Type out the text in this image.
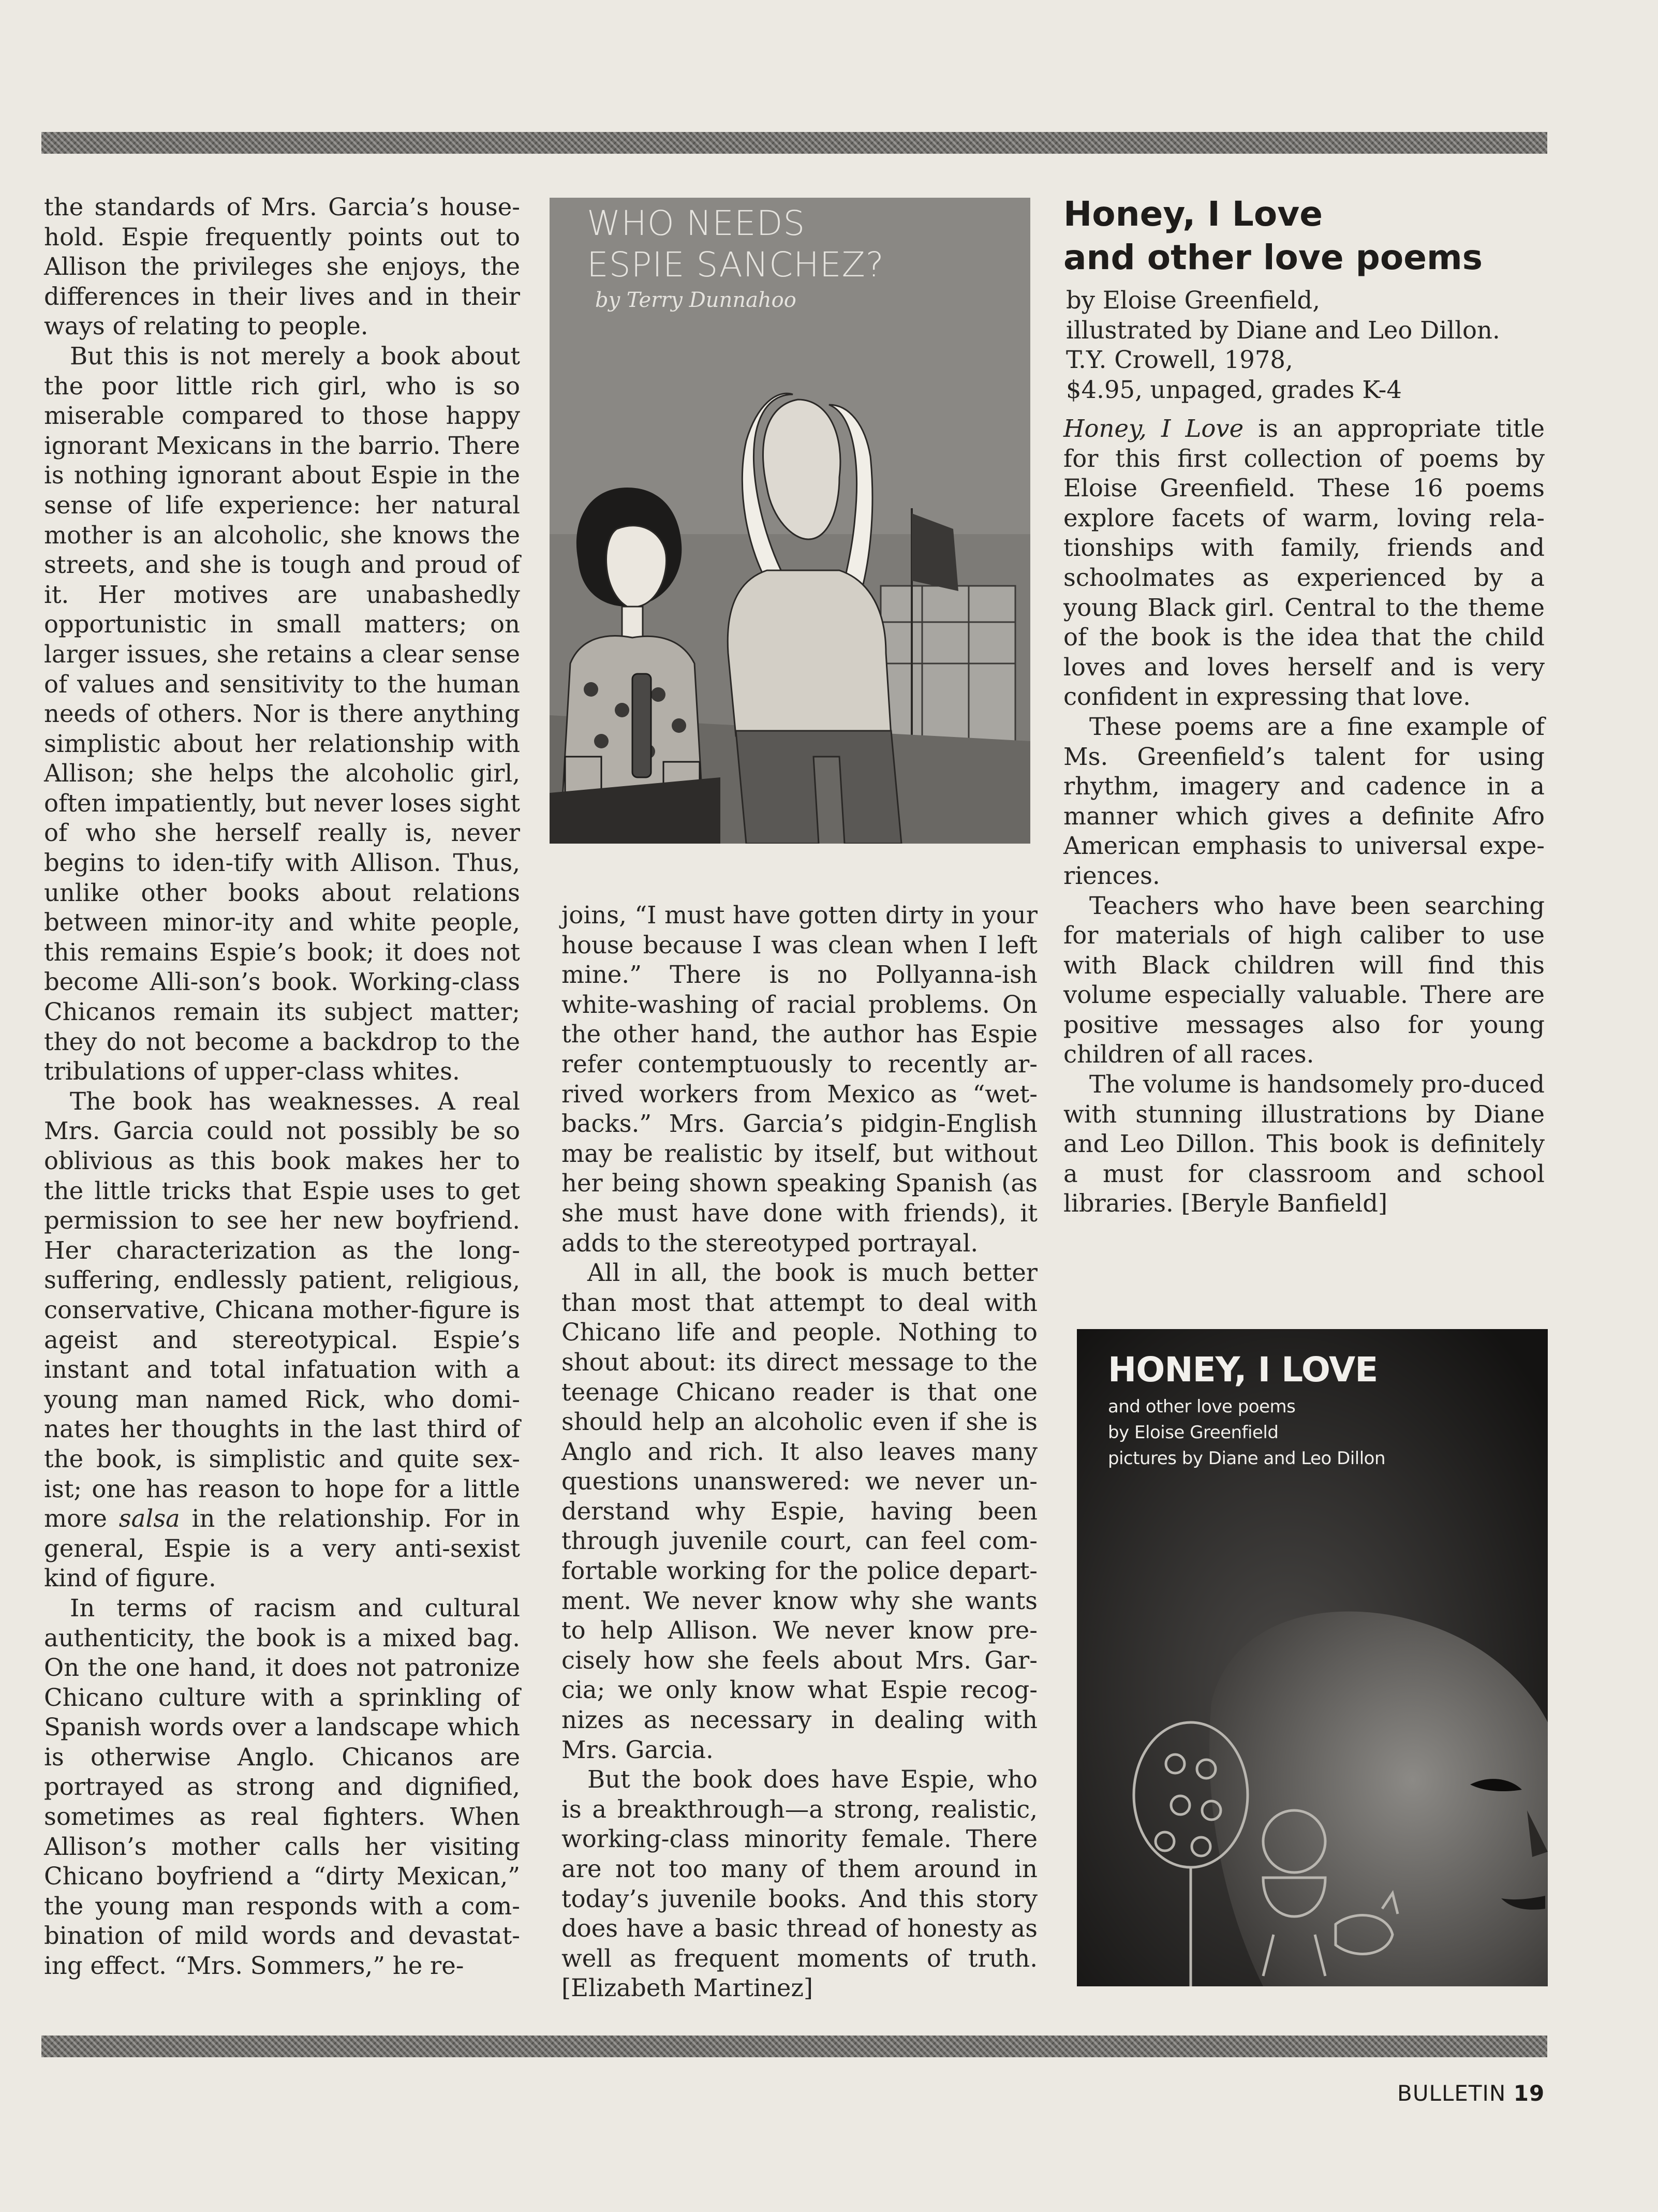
the standards of Mrs. Garcia’s house-hold. Espie frequently points out to Allison the privileges she enjoys, the differences in their lives and in their ways of relating to people.

But this is not merely a book about the poor little rich girl, who is so miserable compared to those happy ignorant Mexicans in the barrio. There is nothing ignorant about Espie in the sense of life experience: her natural mother is an alcoholic, she knows the streets, and she is tough and proud of it. Her motives are unabashedly opportunistic in small matters; on larger issues, she retains a clear sense of values and sensitivity to the human needs of others. Nor is there anything simplistic about her relationship with Allison; she helps the alcoholic girl, often impatiently, but never loses sight of who she herself really is, never begins to iden-tify with Allison. Thus, unlike other books about relations between minor-ity and white people, this remains Espie’s book; it does not become Alli-son’s book. Working-class Chicanos remain its subject matter; they do not become a backdrop to the tribulations of upper-class whites.

The book has weaknesses. A real Mrs. Garcia could not possibly be so oblivious as this book makes her to the little tricks that Espie uses to get permission to see her new boyfriend. Her characterization as the long-suffering, endlessly patient, religious, conservative, Chicana mother-figure is ageist and stereotypical. Espie’s instant and total infatuation with a young man named Rick, who domi-nates her thoughts in the last third of the book, is simplistic and quite sex-ist; one has reason to hope for a little more salsa in the relationship. For in general, Espie is a very anti-sexist kind of figure.

In terms of racism and cultural authenticity, the book is a mixed bag. On the one hand, it does not patronize Chicano culture with a sprinkling of Spanish words over a landscape which is otherwise Anglo. Chicanos are portrayed as strong and dignified, sometimes as real fighters. When Allison’s mother calls her visiting Chicano boyfriend a “dirty Mexican,” the young man responds with a com-bination of mild words and devastat-ing effect. “Mrs. Sommers,” he re-

WHO NEEDS
ESPIE SANCHEZ?
by Terry Dunnahoo

joins, “I must have gotten dirty in your house because I was clean when I left mine.” There is no Pollyanna-ish white-washing of racial problems. On the other hand, the author has Espie refer contemptuously to recently ar-rived workers from Mexico as “wet-backs.” Mrs. Garcia’s pidgin-English may be realistic by itself, but without her being shown speaking Spanish (as she must have done with friends), it adds to the stereotyped portrayal.

All in all, the book is much better than most that attempt to deal with Chicano life and people. Nothing to shout about: its direct message to the teenage Chicano reader is that one should help an alcoholic even if she is Anglo and rich. It also leaves many questions unanswered: we never un-derstand why Espie, having been through juvenile court, can feel com-fortable working for the police depart-ment. We never know why she wants to help Allison. We never know pre-cisely how she feels about Mrs. Gar-cia; we only know what Espie recog-nizes as necessary in dealing with Mrs. Garcia.

But the book does have Espie, who is a breakthrough—a strong, realistic, working-class minority female. There are not too many of them around in today’s juvenile books. And this story does have a basic thread of honesty as well as frequent moments of truth. [Elizabeth Martinez]

Honey, I Love
and other love poems
by Eloise Greenfield,
illustrated by Diane and Leo Dillon.
T.Y. Crowell, 1978,
$4.95, unpaged, grades K-4

Honey, I Love is an appropriate title for this first collection of poems by Eloise Greenfield. These 16 poems explore facets of warm, loving rela-tionships with family, friends and schoolmates as experienced by a young Black girl. Central to the theme of the book is the idea that the child loves and loves herself and is very confident in expressing that love.

These poems are a fine example of Ms. Greenfield’s talent for using rhythm, imagery and cadence in a manner which gives a definite Afro American emphasis to universal expe-riences.

Teachers who have been searching for materials of high caliber to use with Black children will find this volume especially valuable. There are positive messages also for young children of all races.

The volume is handsomely pro-duced with stunning illustrations by Diane and Leo Dillon. This book is definitely a must for classroom and school libraries. [Beryle Banfield]

HONEY, I LOVE
and other love poems
by Eloise Greenfield
pictures by Diane and Leo Dillon
BULLETIN 19
